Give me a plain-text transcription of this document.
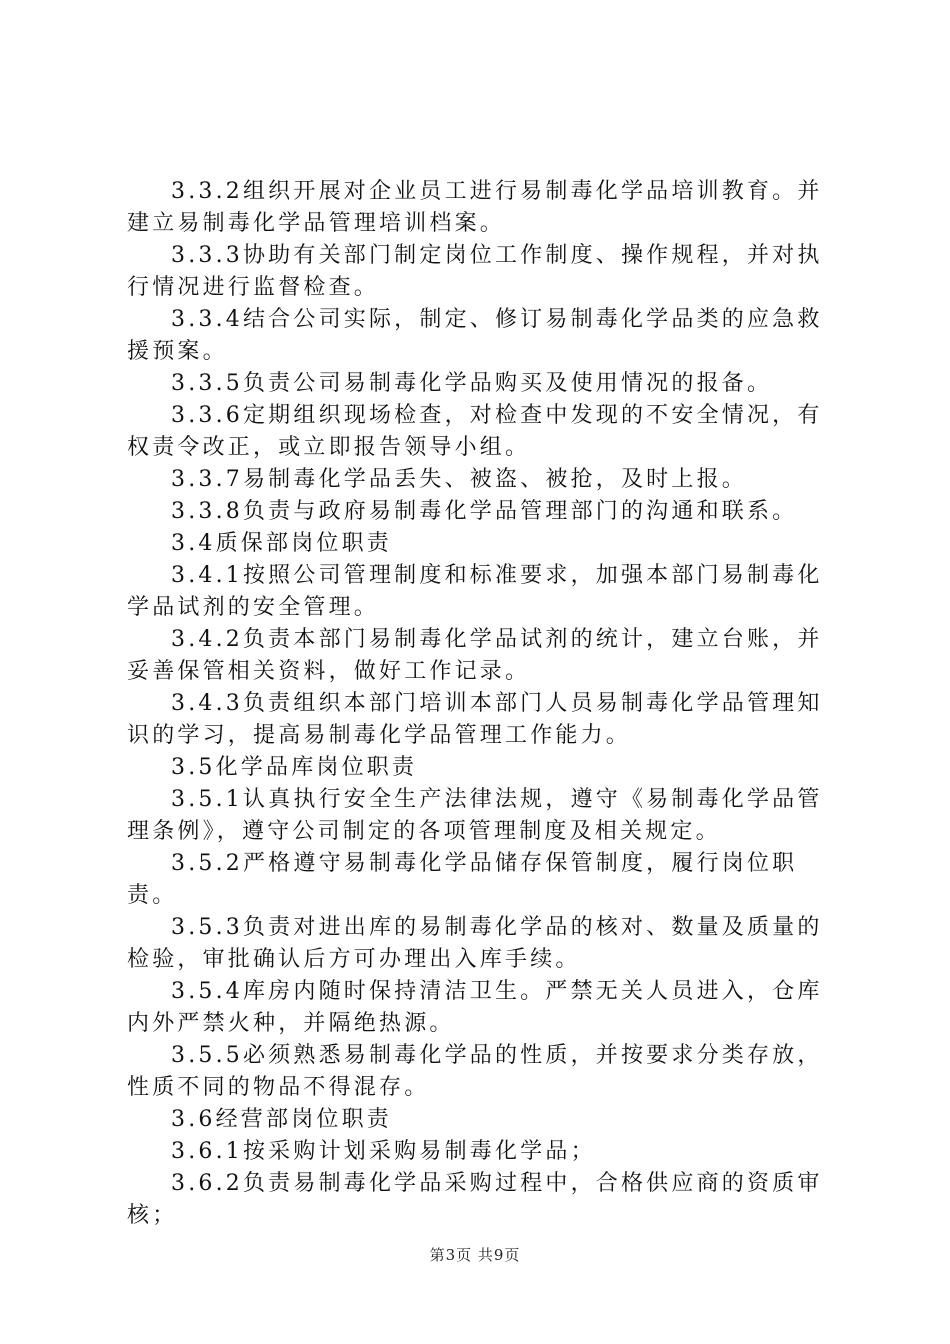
3.3.2组织开展对企业员工进行易制毒化学品培训教育。并建立易制毒化学品管理培训档案。

3.3.3协助有关部门制定岗位工作制度、操作规程，并对执行情况进行监督检查。

3.3.4结合公司实际，制定、修订易制毒化学品类的应急救援预案。

3.3.5负责公司易制毒化学品购买及使用情况的报备。

3.3.6定期组织现场检查，对检查中发现的不安全情况，有权责令改正，或立即报告领导小组。

3.3.7易制毒化学品丢失、被盗、被抢，及时上报。

3.3.8负责与政府易制毒化学品管理部门的沟通和联系。

3.4质保部岗位职责

3.4.1按照公司管理制度和标准要求，加强本部门易制毒化学品试剂的安全管理。

3.4.2负责本部门易制毒化学品试剂的统计，建立台账，并妥善保管相关资料，做好工作记录。

3.4.3负责组织本部门培训本部门人员易制毒化学品管理知识的学习，提高易制毒化学品管理工作能力。

3.5化学品库岗位职责

3.5.1认真执行安全生产法律法规，遵守《易制毒化学品管理条例》，遵守公司制定的各项管理制度及相关规定。

3.5.2严格遵守易制毒化学品储存保管制度，履行岗位职责。

3.5.3负责对进出库的易制毒化学品的核对、数量及质量的检验，审批确认后方可办理出入库手续。

3.5.4库房内随时保持清洁卫生。严禁无关人员进入，仓库内外严禁火种，并隔绝热源。

3.5.5必须熟悉易制毒化学品的性质，并按要求分类存放，性质不同的物品不得混存。

3.6经营部岗位职责

3.6.1按采购计划采购易制毒化学品；

3.6.2负责易制毒化学品采购过程中，合格供应商的资质审核；

第3页 共9页
